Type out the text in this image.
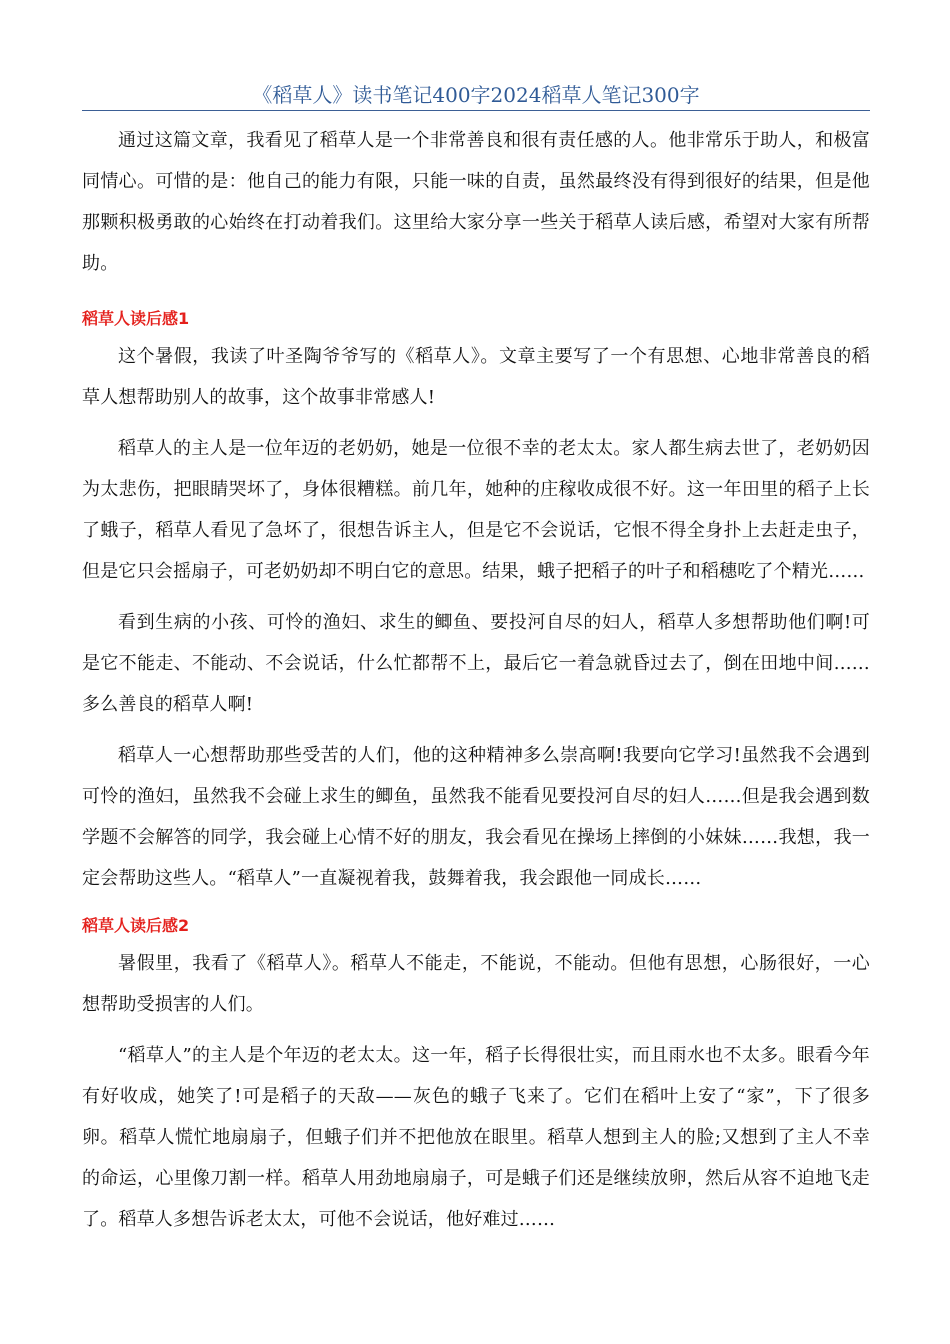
《稻草人》读书笔记400字2024稻草人笔记300字

通过这篇文章，我看见了稻草人是一个非常善良和很有责任感的人。他非常乐于助人，和极富同情心。可惜的是：他自己的能力有限，只能一味的自责，虽然最终没有得到很好的结果，但是他那颗积极勇敢的心始终在打动着我们。这里给大家分享一些关于稻草人读后感，希望对大家有所帮助。

稻草人读后感1

这个暑假，我读了叶圣陶爷爷写的《稻草人》。文章主要写了一个有思想、心地非常善良的稻草人想帮助别人的故事，这个故事非常感人!

稻草人的主人是一位年迈的老奶奶，她是一位很不幸的老太太。家人都生病去世了，老奶奶因为太悲伤，把眼睛哭坏了，身体很糟糕。前几年，她种的庄稼收成很不好。这一年田里的稻子上长了蛾子，稻草人看见了急坏了，很想告诉主人，但是它不会说话，它恨不得全身扑上去赶走虫子，但是它只会摇扇子，可老奶奶却不明白它的意思。结果，蛾子把稻子的叶子和稻穗吃了个精光……

看到生病的小孩、可怜的渔妇、求生的鲫鱼、要投河自尽的妇人，稻草人多想帮助他们啊!可是它不能走、不能动、不会说话，什么忙都帮不上，最后它一着急就昏过去了，倒在田地中间……多么善良的稻草人啊!

稻草人一心想帮助那些受苦的人们，他的这种精神多么崇高啊!我要向它学习!虽然我不会遇到可怜的渔妇，虽然我不会碰上求生的鲫鱼，虽然我不能看见要投河自尽的妇人……但是我会遇到数学题不会解答的同学，我会碰上心情不好的朋友，我会看见在操场上摔倒的小妹妹……我想，我一定会帮助这些人。“稻草人”一直凝视着我，鼓舞着我，我会跟他一同成长……

稻草人读后感2

暑假里，我看了《稻草人》。稻草人不能走，不能说，不能动。但他有思想，心肠很好，一心想帮助受损害的人们。

“稻草人”的主人是个年迈的老太太。这一年，稻子长得很壮实，而且雨水也不太多。眼看今年有好收成，她笑了!可是稻子的天敌——灰色的蛾子飞来了。它们在稻叶上安了“家”，下了很多卵。稻草人慌忙地扇扇子，但蛾子们并不把他放在眼里。稻草人想到主人的脸;又想到了主人不幸的命运，心里像刀割一样。稻草人用劲地扇扇子，可是蛾子们还是继续放卵，然后从容不迫地飞走了。稻草人多想告诉老太太，可他不会说话，他好难过……
